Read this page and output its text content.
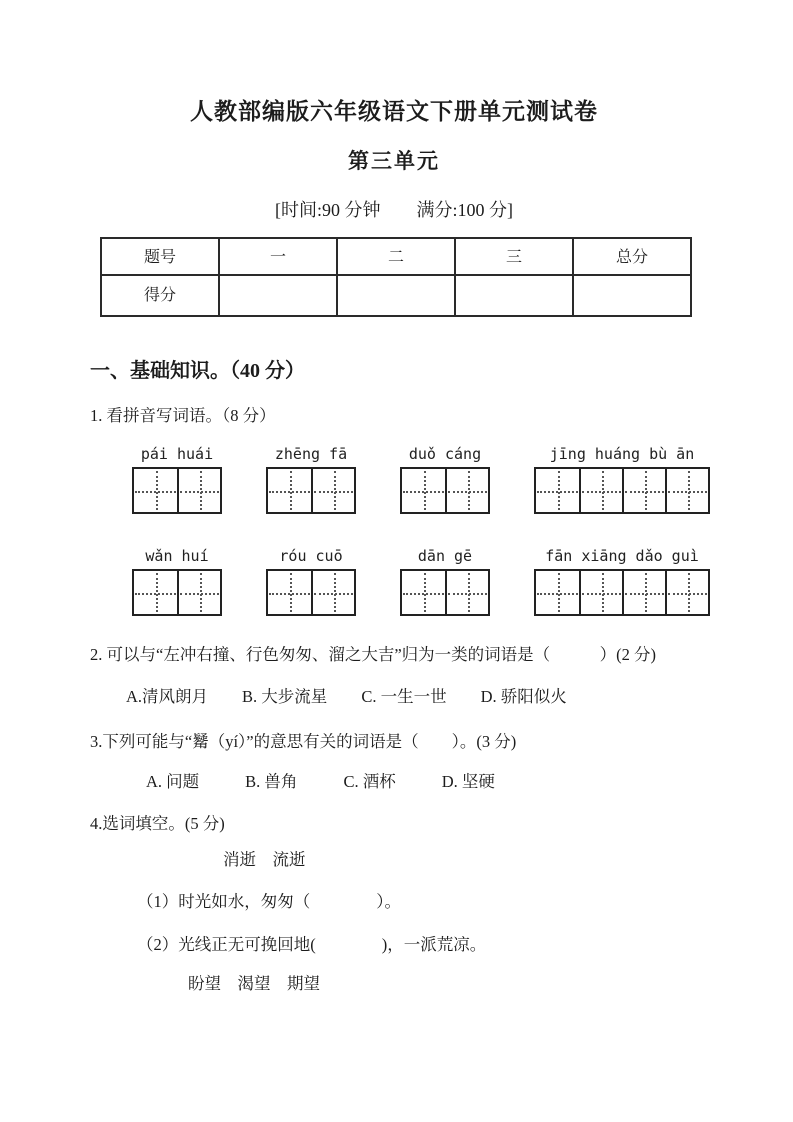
人教部编版六年级语文下册单元测试卷
第三单元
[时间:90 分钟　　满分:100 分]
题号	一	二	三	总分
得分				
一、基础知识。（40 分）
1. 看拼音写词语。（8 分）
pái huái	zhēng fā	duǒ cáng	jīng huáng bù ān
wǎn huí	róu cuō	dān gē	fān xiāng dǎo guì
2. 可以与“左冲右撞、行色匆匆、溜之大吉”归为一类的词语是（　　　）(2 分)
A.清风朗月 B. 大步流星 C. 一生一世 D. 骄阳似火
3.下列可能与“觺（yí）”的意思有关的词语是（　　）。(3 分)
A. 问题	B. 兽角	C. 酒杯	D. 坚硬
4.选词填空。(5 分)
消逝　流逝
（1）时光如水，匆匆（　　　　）。
（2）光线正无可挽回地(　　　　)，一派荒凉。
盼望　渴望　期望
